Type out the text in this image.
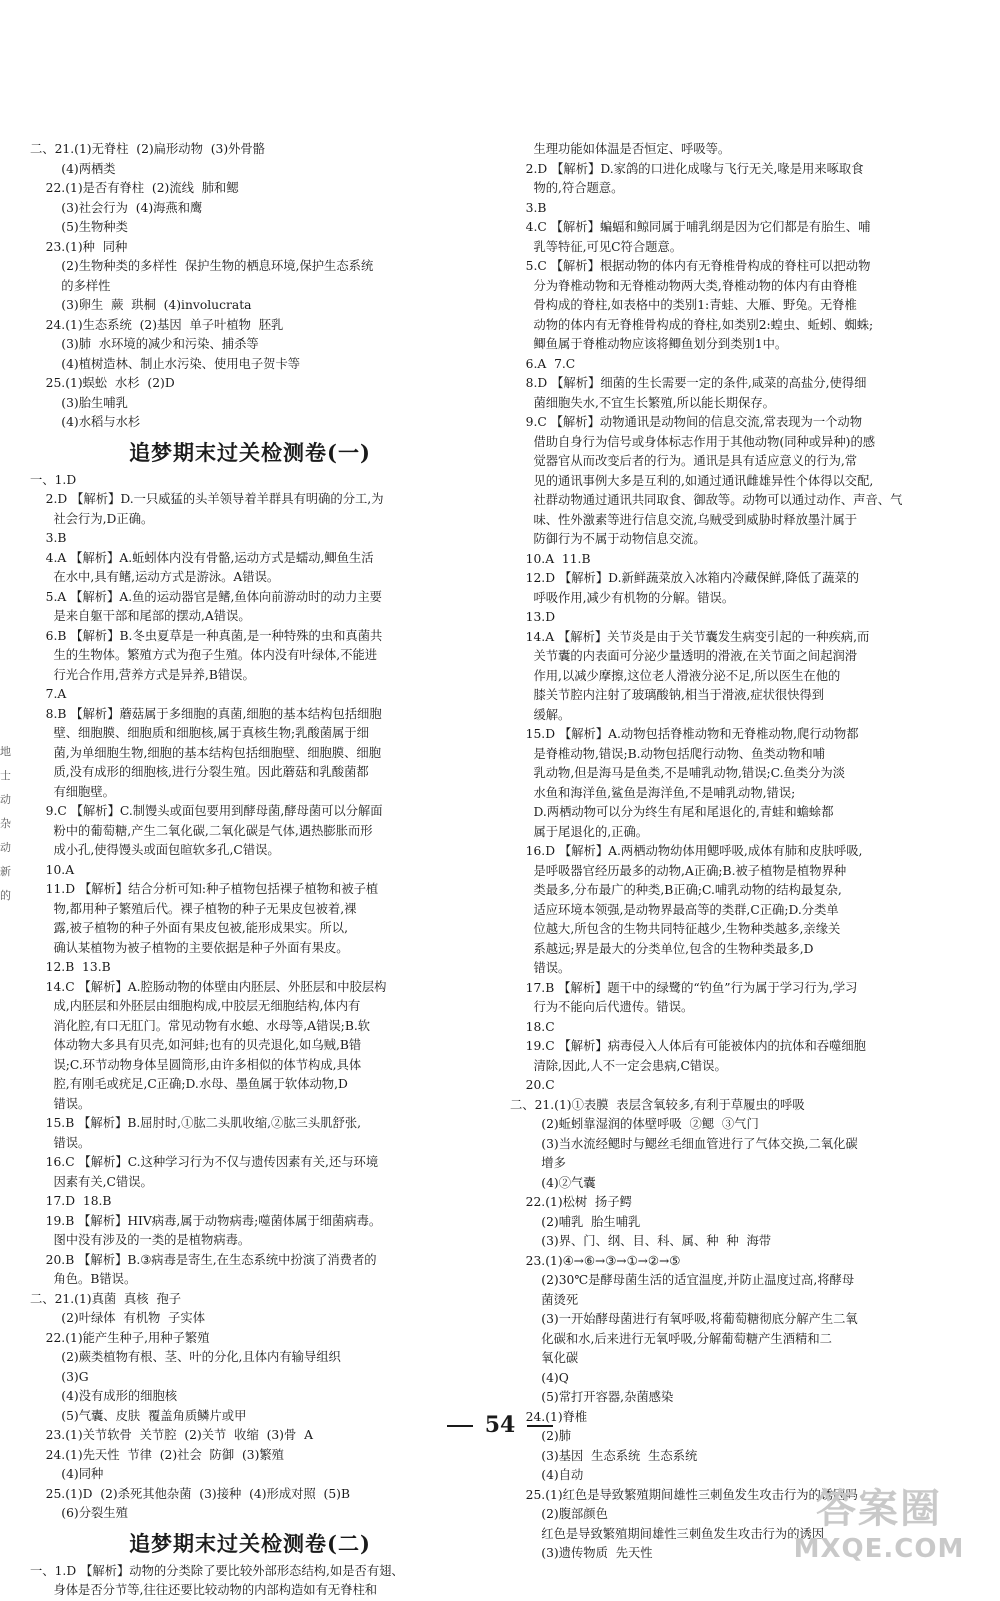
二、21.(1)无脊柱  (2)扁形动物  (3)外骨骼
(4)两栖类
22.(1)是否有脊柱  (2)流线  肺和鳃
(3)社会行为  (4)海燕和鹰
(5)生物种类
23.(1)种  同种
(2)生物种类的多样性  保护生物的栖息环境,保护生态系统
的多样性
(3)卵生  蕨  珙桐  (4)involucrata
24.(1)生态系统  (2)基因  单子叶植物  胚乳
(3)肺  水环境的减少和污染、捕杀等
(4)植树造林、制止水污染、使用电子贺卡等
25.(1)蜈蚣  水杉  (2)D
(3)胎生哺乳
(4)水稻与水杉
追梦期末过关检测卷(一)
一、1.D
2.D 【解析】D.一只威猛的头羊领导着羊群具有明确的分工,为
社会行为,D正确。
3.B
4.A 【解析】A.蚯蚓体内没有骨骼,运动方式是蠕动,鲫鱼生活
在水中,具有鳍,运动方式是游泳。A错误。
5.A 【解析】A.鱼的运动器官是鳍,鱼体向前游动时的动力主要
是来自躯干部和尾部的摆动,A错误。
6.B 【解析】B.冬虫夏草是一种真菌,是一种特殊的虫和真菌共
生的生物体。繁殖方式为孢子生殖。体内没有叶绿体,不能进
行光合作用,营养方式是异养,B错误。
7.A
8.B 【解析】蘑菇属于多细胞的真菌,细胞的基本结构包括细胞
壁、细胞膜、细胞质和细胞核,属于真核生物;乳酸菌属于细
菌,为单细胞生物,细胞的基本结构包括细胞壁、细胞膜、细胞
质,没有成形的细胞核,进行分裂生殖。因此蘑菇和乳酸菌都
有细胞壁。
9.C 【解析】C.制馒头或面包要用到酵母菌,酵母菌可以分解面
粉中的葡萄糖,产生二氧化碳,二氧化碳是气体,遇热膨胀而形
成小孔,使得馒头或面包暄软多孔,C错误。
10.A
11.D 【解析】结合分析可知:种子植物包括裸子植物和被子植
物,都用种子繁殖后代。裸子植物的种子无果皮包被着,裸
露,被子植物的种子外面有果皮包被,能形成果实。所以,
确认某植物为被子植物的主要依据是种子外面有果皮。
12.B  13.B
14.C 【解析】A.腔肠动物的体壁由内胚层、外胚层和中胶层构
成,内胚层和外胚层由细胞构成,中胶层无细胞结构,体内有
消化腔,有口无肛门。常见动物有水螅、水母等,A错误;B.软
体动物大多具有贝壳,如河蚌;也有的贝壳退化,如乌贼,B错
误;C.环节动物身体呈圆筒形,由许多相似的体节构成,具体
腔,有刚毛或疣足,C正确;D.水母、墨鱼属于软体动物,D
错误。
15.B 【解析】B.屈肘时,①肱二头肌收缩,②肱三头肌舒张,
错误。
16.C 【解析】C.这种学习行为不仅与遗传因素有关,还与环境
因素有关,C错误。
17.D  18.B
19.B 【解析】HIV病毒,属于动物病毒;噬菌体属于细菌病毒。
图中没有涉及的一类的是植物病毒。
20.B 【解析】B.③病毒是寄生,在生态系统中扮演了消费者的
角色。B错误。
二、21.(1)真菌  真核  孢子
(2)叶绿体  有机物  子实体
22.(1)能产生种子,用种子繁殖
(2)蕨类植物有根、茎、叶的分化,且体内有输导组织
(3)G
(4)没有成形的细胞核
(5)气囊、皮肤  覆盖角质鳞片或甲
23.(1)关节软骨  关节腔  (2)关节  收缩  (3)骨  A
24.(1)先天性  节律  (2)社会  防御  (3)繁殖
(4)同种
25.(1)D  (2)杀死其他杂菌  (3)接种  (4)形成对照  (5)B
(6)分裂生殖
追梦期末过关检测卷(二)
一、1.D 【解析】动物的分类除了要比较外部形态结构,如是否有翅、
身体是否分节等,往往还要比较动物的内部构造如有无脊柱和
生理功能如体温是否恒定、呼吸等。
2.D 【解析】D.家鸽的口进化成喙与飞行无关,喙是用来啄取食
物的,符合题意。
3.B
4.C 【解析】蝙蝠和鲸同属于哺乳纲是因为它们都是有胎生、哺
乳等特征,可见C符合题意。
5.C 【解析】根据动物的体内有无脊椎骨构成的脊柱可以把动物
分为脊椎动物和无脊椎动物两大类,脊椎动物的体内有由脊椎
骨构成的脊柱,如表格中的类别1:青蛙、大雁、野兔。无脊椎
动物的体内有无脊椎骨构成的脊柱,如类别2:蝗虫、蚯蚓、蜘蛛;
鲫鱼属于脊椎动物应该将鲫鱼划分到类别1中。
6.A  7.C
8.D 【解析】细菌的生长需要一定的条件,咸菜的高盐分,使得细
菌细胞失水,不宜生长繁殖,所以能长期保存。
9.C 【解析】动物通讯是动物间的信息交流,常表现为一个动物
借助自身行为信号或身体标志作用于其他动物(同种或异种)的感
觉器官从而改变后者的行为。通讯是具有适应意义的行为,常
见的通讯事例大多是互利的,如通过通讯雌雄异性个体得以交配,
社群动物通过通讯共同取食、御敌等。动物可以通过动作、声音、气
味、性外激素等进行信息交流,乌贼受到威胁时释放墨汁属于
防御行为不属于动物信息交流。
10.A  11.B
12.D 【解析】D.新鲜蔬菜放入冰箱内冷藏保鲜,降低了蔬菜的
呼吸作用,减少有机物的分解。错误。
13.D
14.A 【解析】关节炎是由于关节囊发生病变引起的一种疾病,而
关节囊的内表面可分泌少量透明的滑液,在关节面之间起润滑
作用,以减少摩擦,这位老人滑液分泌不足,所以医生在他的
膝关节腔内注射了玻璃酸钠,相当于滑液,症状很快得到
缓解。
15.D 【解析】A.动物包括脊椎动物和无脊椎动物,爬行动物都
是脊椎动物,错误;B.动物包括爬行动物、鱼类动物和哺
乳动物,但是海马是鱼类,不是哺乳动物,错误;C.鱼类分为淡
水鱼和海洋鱼,鲨鱼是海洋鱼,不是哺乳动物,错误;
D.两栖动物可以分为终生有尾和尾退化的,青蛙和蟾蜍都
属于尾退化的,正确。
16.D 【解析】A.两栖动物幼体用鳃呼吸,成体有肺和皮肤呼吸,
是呼吸器官经历最多的动物,A正确;B.被子植物是植物界种
类最多,分布最广的种类,B正确;C.哺乳动物的结构最复杂,
适应环境本领强,是动物界最高等的类群,C正确;D.分类单
位越大,所包含的生物共同特征越少,生物种类越多,亲缘关
系越远;界是最大的分类单位,包含的生物种类最多,D
错误。
17.B 【解析】题干中的绿鹭的“钓鱼”行为属于学习行为,学习
行为不能向后代遗传。错误。
18.C
19.C 【解析】病毒侵入人体后有可能被体内的抗体和吞噬细胞
清除,因此,人不一定会患病,C错误。
20.C
二、21.(1)①表膜  表层含氧较多,有利于草履虫的呼吸
(2)蚯蚓靠湿润的体壁呼吸  ②鳃  ③气门
(3)当水流经鳃时与鳃丝毛细血管进行了气体交换,二氧化碳
增多
(4)②气囊
22.(1)松树  扬子鳄
(2)哺乳  胎生哺乳
(3)界、门、纲、目、科、属、种  种  海带
23.(1)④→⑥→③→①→②→⑤
(2)30℃是酵母菌生活的适宜温度,并防止温度过高,将酵母
菌烫死
(3)一开始酵母菌进行有氧呼吸,将葡萄糖彻底分解产生二氧
化碳和水,后来进行无氧呼吸,分解葡萄糖产生酒精和二
氧化碳
(4)Q
(5)常打开容器,杂菌感染
24.(1)脊椎
(2)肺
(3)基因  生态系统  生态系统
(4)自动
25.(1)红色是导致繁殖期间雄性三刺鱼发生攻击行为的诱因吗
(2)腹部颜色
红色是导致繁殖期间雄性三刺鱼发生攻击行为的诱因
(3)遗传物质  先天性
地
士
动
杂
动
新
的
54
答案圈
MXQE.COM
